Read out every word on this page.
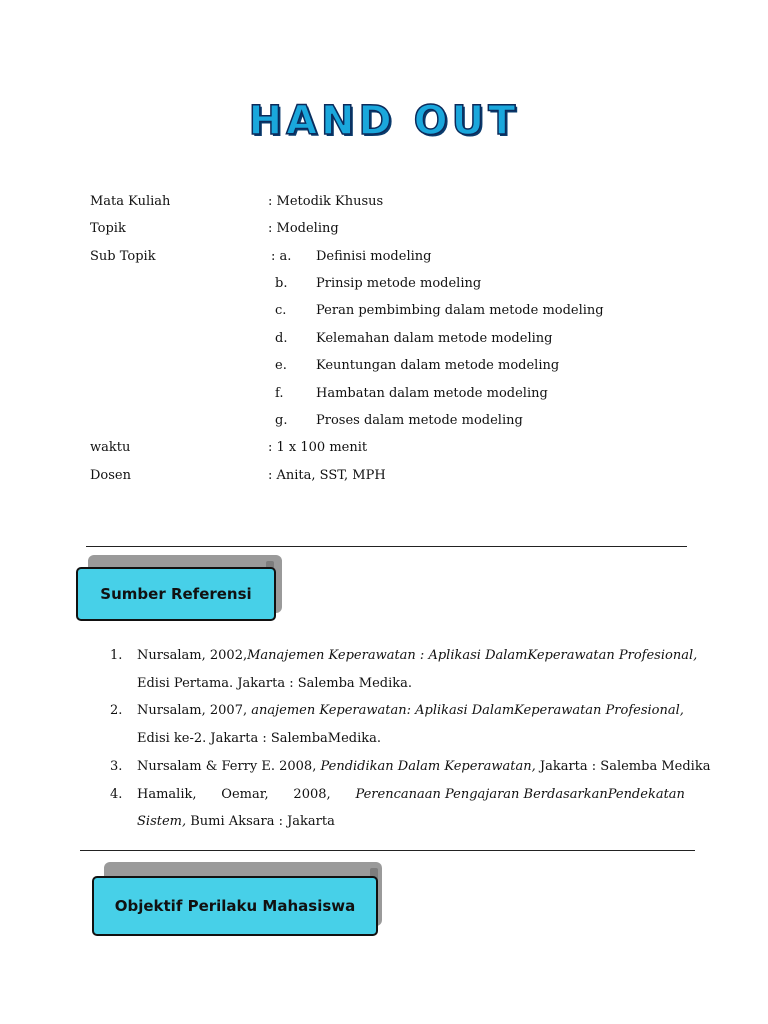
HAND OUT
Mata Kuliah	: Metodik Khusus
Topik	: Modeling
Sub Topik	: a. Definisi modeling
b. Prinsip metode modeling
c. Peran pembimbing dalam metode modeling
d. Kelemahan dalam metode modeling
e. Keuntungan dalam metode modeling
f.	Hambatan dalam metode modeling
g. Proses dalam metode modeling
waktu	: 1 x 100 menit
Dosen	: Anita, SST, MPH
Sumber Referensi
1. Nursalam, 2002,Manajemen Keperawatan : Aplikasi DalamKeperawatan Profesional,
Edisi Pertama. Jakarta : Salemba Medika.
2. Nursalam, 2007, anajemen Keperawatan: Aplikasi DalamKeperawatan Profesional,
Edisi ke-2. Jakarta : SalembaMedika.
3. Nursalam & Ferry E. 2008, Pendidikan Dalam Keperawatan, Jakarta : Salemba Medika
4. Hamalik,      Oemar,      2008,      Perencanaan Pengajaran BerdasarkanPendekatan
Sistem, Bumi Aksara : Jakarta
Objektif Perilaku Mahasiswa
